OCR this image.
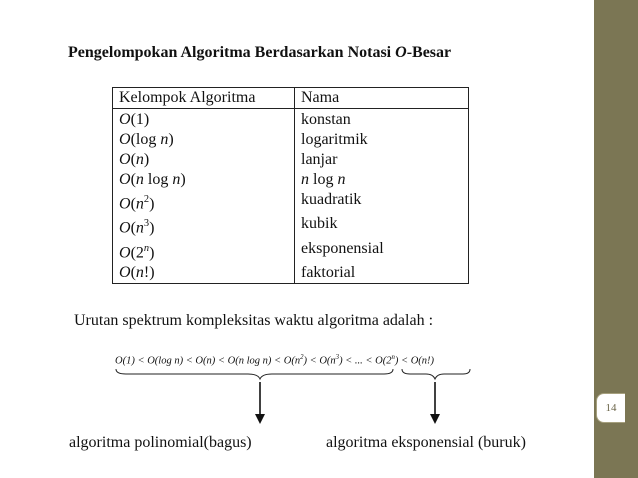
14
Pengelompokan Algoritma Berdasarkan Notasi O-Besar
Kelompok Algoritma	Nama
O(1)	konstan
O(log n)	logaritmik
O(n)	lanjar
O(n log n)	n log n
$O(n^2)$	kuadratik
$O(n^3)$	kubik
O(2$^n$)	eksponensial
O(n!)	faktorial
Urutan spektrum kompleksitas waktu algoritma adalah :
O(1) < O(log n) < O(n) < O(n $\log n) < O(n^2) < O(n^3)$ < ... < $O(2^n) < O(n!)$
algoritma polinomial(bagus)	algoritma eksponensial (buruk)
